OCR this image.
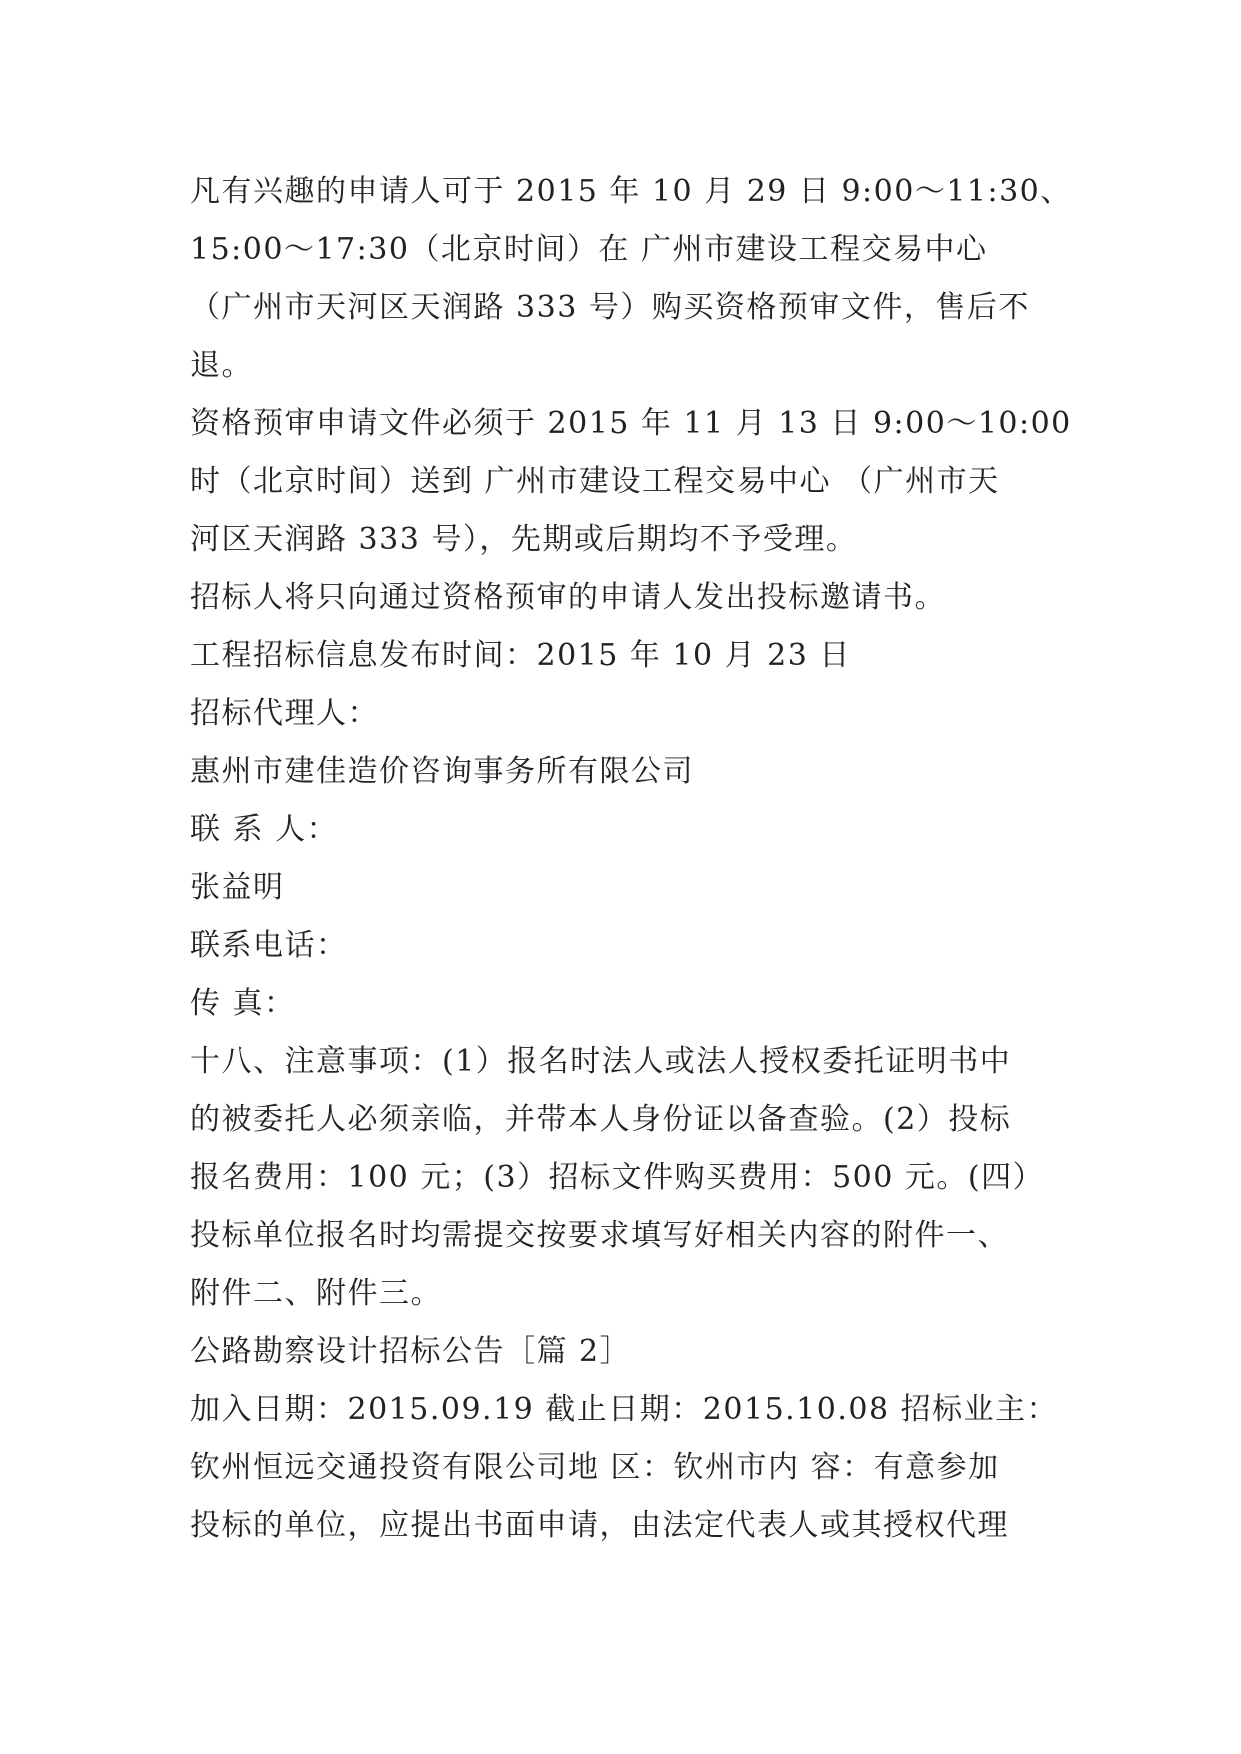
凡有兴趣的申请人可于 2015 年 10 月 29 日 9:00～11:30、
15:00～17:30（北京时间）在 广州市建设工程交易中心
（广州市天河区天润路 333 号）购买资格预审文件，售后不
退。
资格预审申请文件必须于 2015 年 11 月 13 日 9:00～10:00
时（北京时间）送到 广州市建设工程交易中心 （广州市天
河区天润路 333 号），先期或后期均不予受理。
招标人将只向通过资格预审的申请人发出投标邀请书。
工程招标信息发布时间：2015 年 10 月 23 日
招标代理人：
惠州市建佳造价咨询事务所有限公司
联 系 人：
张益明
联系电话：
传 真：
十八、注意事项：(1）报名时法人或法人授权委托证明书中
的被委托人必须亲临，并带本人身份证以备查验。(2）投标
报名费用：100 元；(3）招标文件购买费用：500 元。(四）
投标单位报名时均需提交按要求填写好相关内容的附件一、
附件二、附件三。
公路勘察设计招标公告［篇 2］
加入日期：2015.09.19 截止日期：2015.10.08 招标业主：
钦州恒远交通投资有限公司地 区：钦州市内 容：有意参加
投标的单位，应提出书面申请，由法定代表人或其授权代理
